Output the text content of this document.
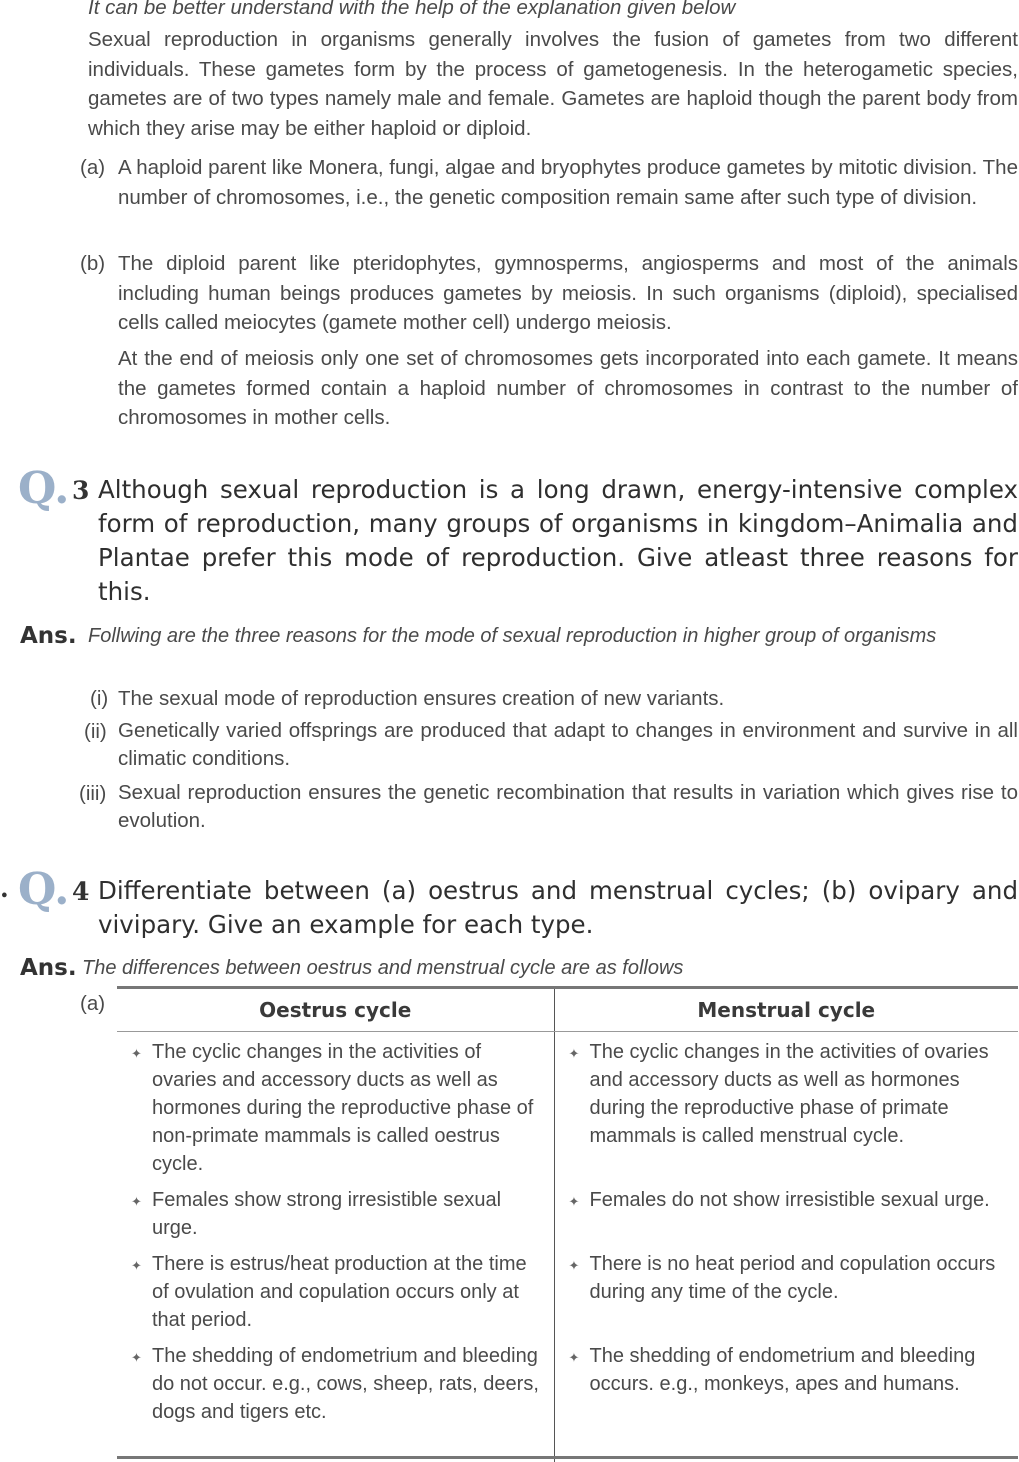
It can be better understand with the help of the explanation given below
Sexual reproduction in organisms generally involves the fusion of gametes from two different individuals. These gametes form by the process of gametogenesis. In the heterogametic species, gametes are of two types namely male and female. Gametes are haploid though the parent body from which they arise may be either haploid or diploid.
(a) A haploid parent like Monera, fungi, algae and bryophytes produce gametes by mitotic division. The number of chromosomes, i.e., the genetic composition remain same after such type of division.
(b) The diploid parent like pteridophytes, gymnosperms, angiosperms and most of the animals including human beings produces gametes by meiosis. In such organisms (diploid), specialised cells called meiocytes (gamete mother cell) undergo meiosis.
At the end of meiosis only one set of chromosomes gets incorporated into each gamete. It means the gametes formed contain a haploid number of chromosomes in contrast to the number of chromosomes in mother cells.
Q. 3 Although sexual reproduction is a long drawn, energy-intensive complex form of reproduction, many groups of organisms in kingdom–Animalia and Plantae prefer this mode of reproduction. Give atleast three reasons for this.
Ans. Follwing are the three reasons for the mode of sexual reproduction in higher group of organisms
(i) The sexual mode of reproduction ensures creation of new variants.
(ii) Genetically varied offsprings are produced that adapt to changes in environment and survive in all climatic conditions.
(iii) Sexual reproduction ensures the genetic recombination that results in variation which gives rise to evolution.
. Q. 4 Differentiate between (a) oestrus and menstrual cycles; (b) ovipary and vivipary. Give an example for each type.
Ans. The differences between oestrus and menstrual cycle are as follows
(a)	Oestrus cycle	Menstrual cycle

✦ The cyclic changes in the activities of ovaries and accessory ducts as well as hormones during the reproductive phase of non-primate mammals is called oestrus cycle.	✦ The cyclic changes in the activities of ovaries and accessory ducts as well as hormones during the reproductive phase of primate mammals is called menstrual cycle.

✦ Females show strong irresistible sexual urge.	✦ Females do not show irresistible sexual urge.

✦ There is estrus/heat production at the time of ovulation and copulation occurs only at that period.	✦ There is no heat period and copulation occurs during any time of the cycle.

✦ The shedding of endometrium and bleeding do not occur. e.g., cows, sheep, rats, deers, dogs and tigers etc.	✦ The shedding of endometrium and bleeding occurs. e.g., monkeys, apes and humans.
